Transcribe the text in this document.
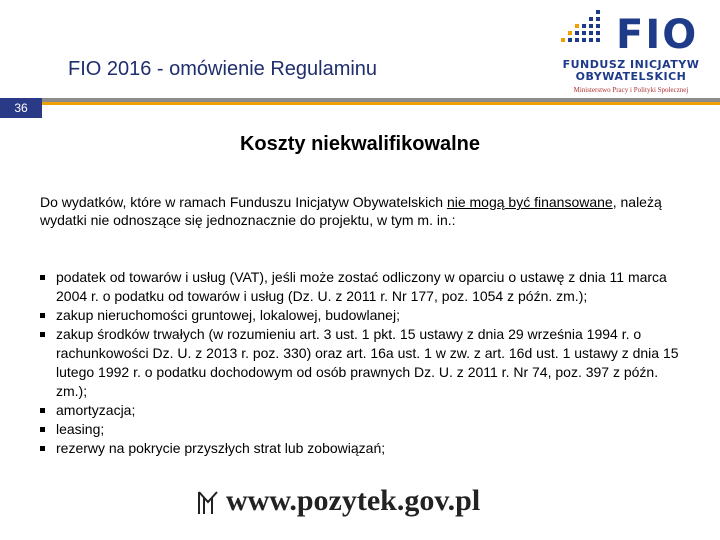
FIO 2016 - omówienie Regulaminu
FIO
FUNDUSZ INICJATYW
OBYWATELSKICH
Ministerstwo Pracy i Polityki Społecznej
36
Koszty niekwalifikowalne
Do wydatków, które w ramach Funduszu Inicjatyw Obywatelskich nie mogą być finansowane, należą wydatki nie odnoszące się jednoznacznie do projektu, w tym m. in.:
podatek od towarów i usług (VAT), jeśli może zostać odliczony w oparciu o ustawę z dnia 11 marca 2004 r. o podatku od towarów i usług (Dz. U. z 2011 r. Nr 177, poz. 1054 z późn. zm.);
zakup nieruchomości gruntowej, lokalowej, budowlanej;
zakup środków trwałych (w rozumieniu art. 3 ust. 1 pkt. 15 ustawy z dnia 29 września 1994 r. o rachunkowości Dz. U. z 2013 r. poz. 330) oraz art. 16a ust. 1 w zw. z art. 16d ust. 1 ustawy z dnia 15 lutego 1992 r. o podatku dochodowym od osób prawnych Dz. U. z 2011 r. Nr 74, poz. 397 z późn. zm.);
amortyzacja;
leasing;
rezerwy na pokrycie przyszłych strat lub zobowiązań;
www.pozytek.gov.pl
